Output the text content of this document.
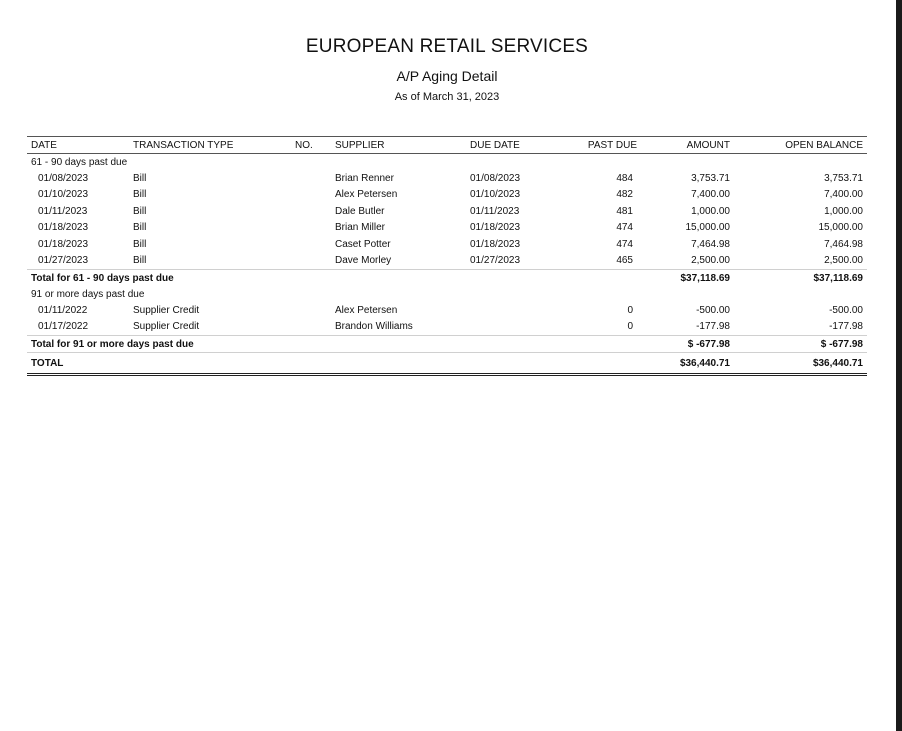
EUROPEAN RETAIL SERVICES
A/P Aging Detail
As of March 31, 2023
DATE	TRANSACTION TYPE	NO.	SUPPLIER	DUE DATE	PAST DUE	AMOUNT	OPEN BALANCE
61 - 90 days past due							
01/08/2023	Bill		Brian Renner	01/08/2023	484	3,753.71	3,753.71
01/10/2023	Bill		Alex Petersen	01/10/2023	482	7,400.00	7,400.00
01/11/2023	Bill		Dale Butler	01/11/2023	481	1,000.00	1,000.00
01/18/2023	Bill		Brian Miller	01/18/2023	474	15,000.00	15,000.00
01/18/2023	Bill		Caset Potter	01/18/2023	474	7,464.98	7,464.98
01/27/2023	Bill		Dave Morley	01/27/2023	465	2,500.00	2,500.00
Total for 61 - 90 days past due						$37,118.69	$37,118.69
91 or more days past due							
01/11/2022	Supplier Credit		Alex Petersen		0	-500.00	-500.00
01/17/2022	Supplier Credit		Brandon Williams		0	-177.98	-177.98
Total for 91 or more days past due						$ -677.98	$ -677.98
TOTAL						$36,440.71	$36,440.71
